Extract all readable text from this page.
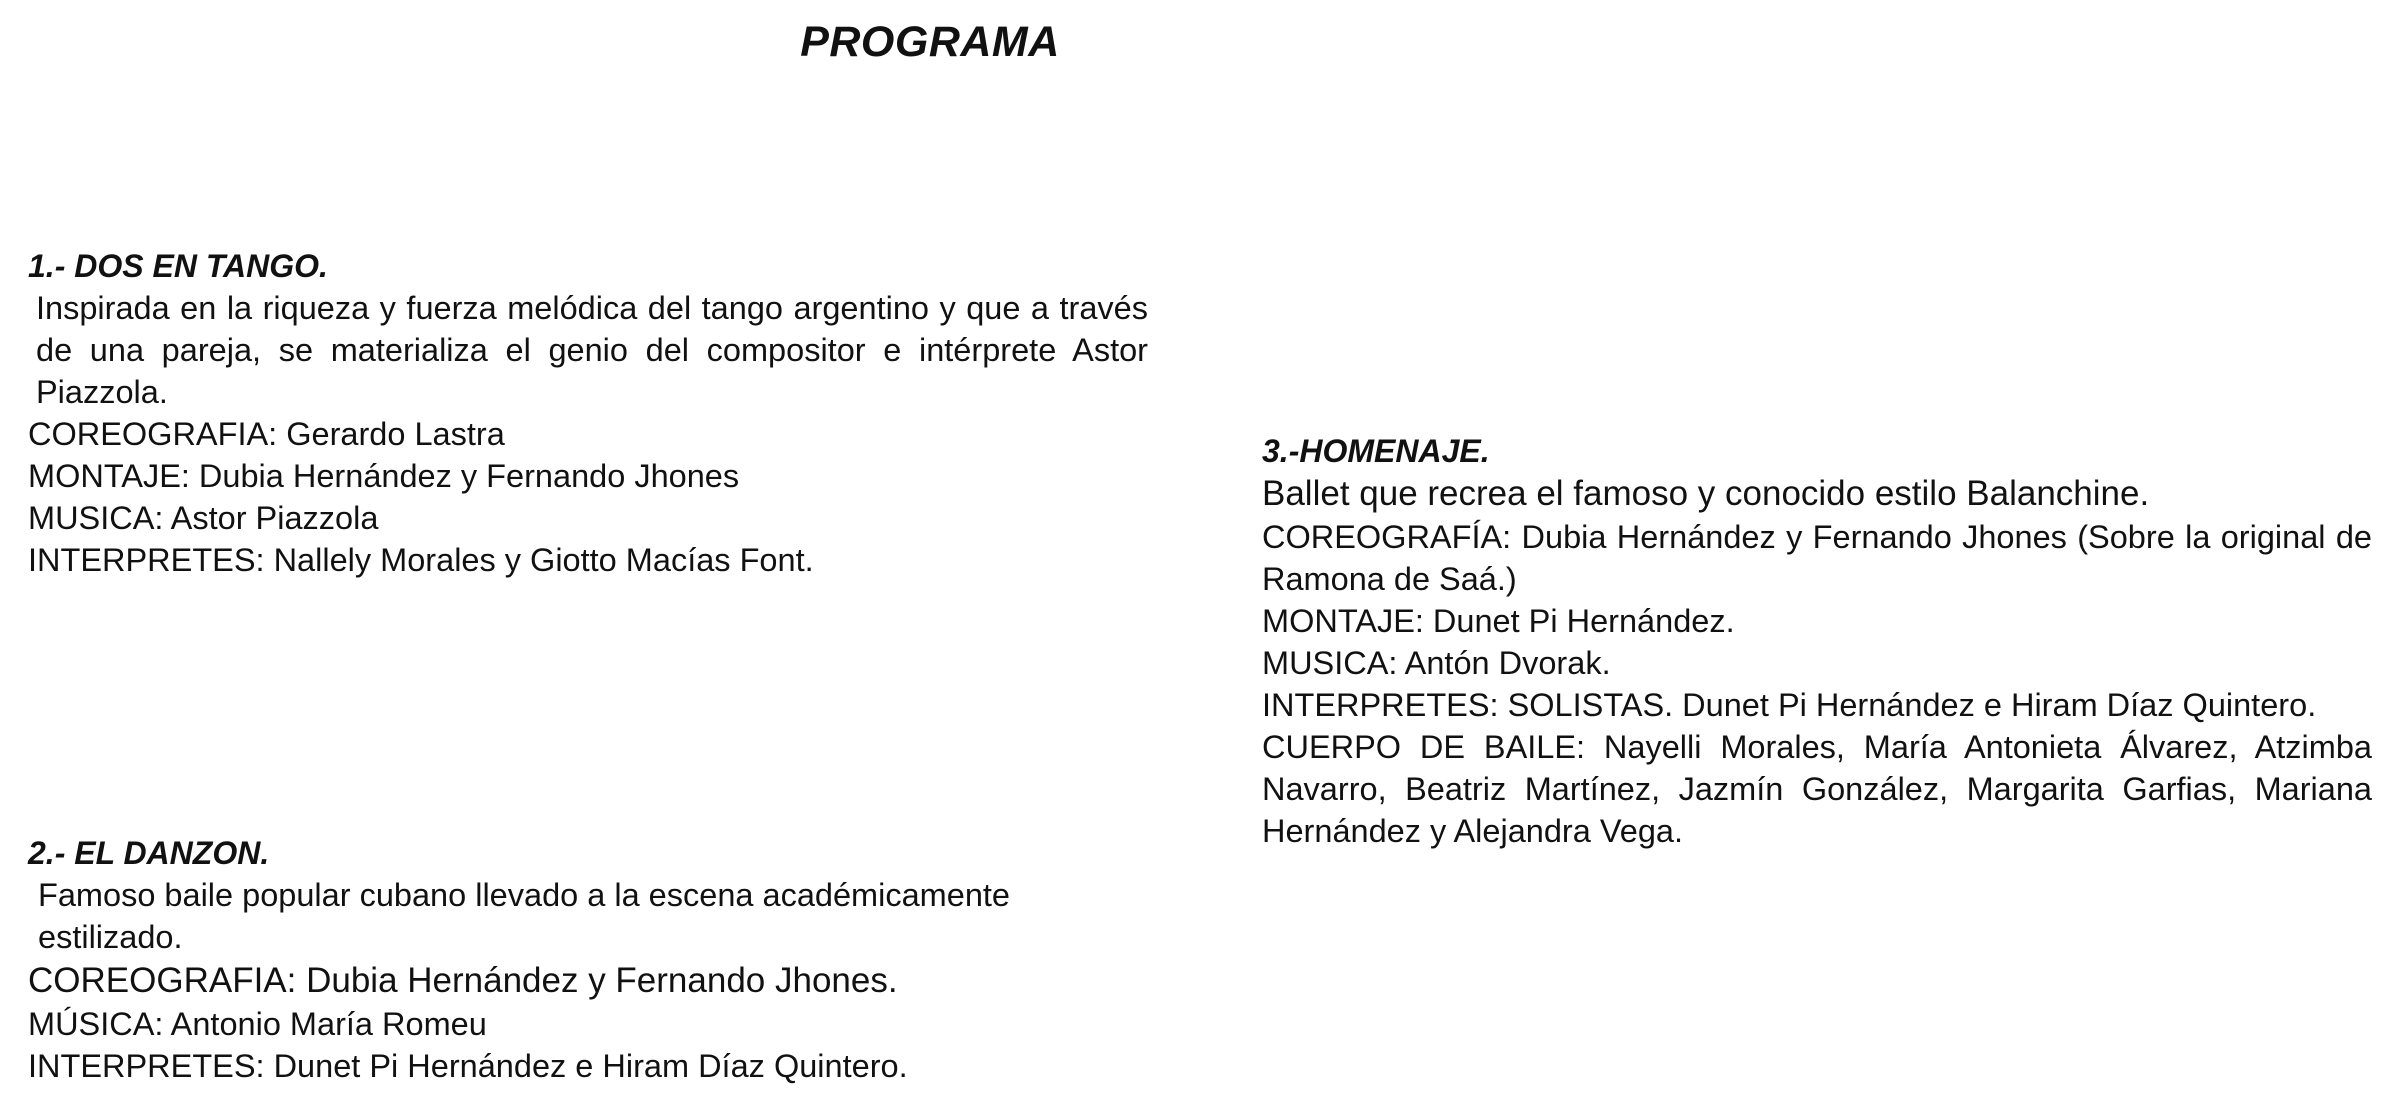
PROGRAMA

1.- DOS EN TANGO.

Inspirada en la riqueza y fuerza melódica del tango argentino y que a través de una pareja, se materializa el genio del compositor e intérprete Astor Piazzola.

COREOGRAFIA: Gerardo Lastra

MONTAJE: Dubia Hernández y Fernando Jhones

MUSICA: Astor Piazzola

INTERPRETES: Nallely Morales y Giotto Macías Font.

2.- EL DANZON.

Famoso baile popular cubano llevado a la escena académicamente estilizado.

COREOGRAFIA: Dubia Hernández y Fernando Jhones.

MÚSICA: Antonio María Romeu

INTERPRETES: Dunet Pi Hernández e Hiram Díaz Quintero.

3.-HOMENAJE.

Ballet que recrea el famoso y conocido estilo Balanchine.

COREOGRAFÍA: Dubia Hernández y Fernando Jhones (Sobre la original de Ramona de Saá.)

MONTAJE: Dunet Pi Hernández.

MUSICA: Antón Dvorak.

INTERPRETES: SOLISTAS. Dunet Pi Hernández e Hiram Díaz Quintero.

CUERPO DE BAILE: Nayelli Morales, María Antonieta Álvarez, Atzimba Navarro, Beatriz Martínez, Jazmín González, Margarita Garfias, Mariana Hernández y Alejandra Vega.
